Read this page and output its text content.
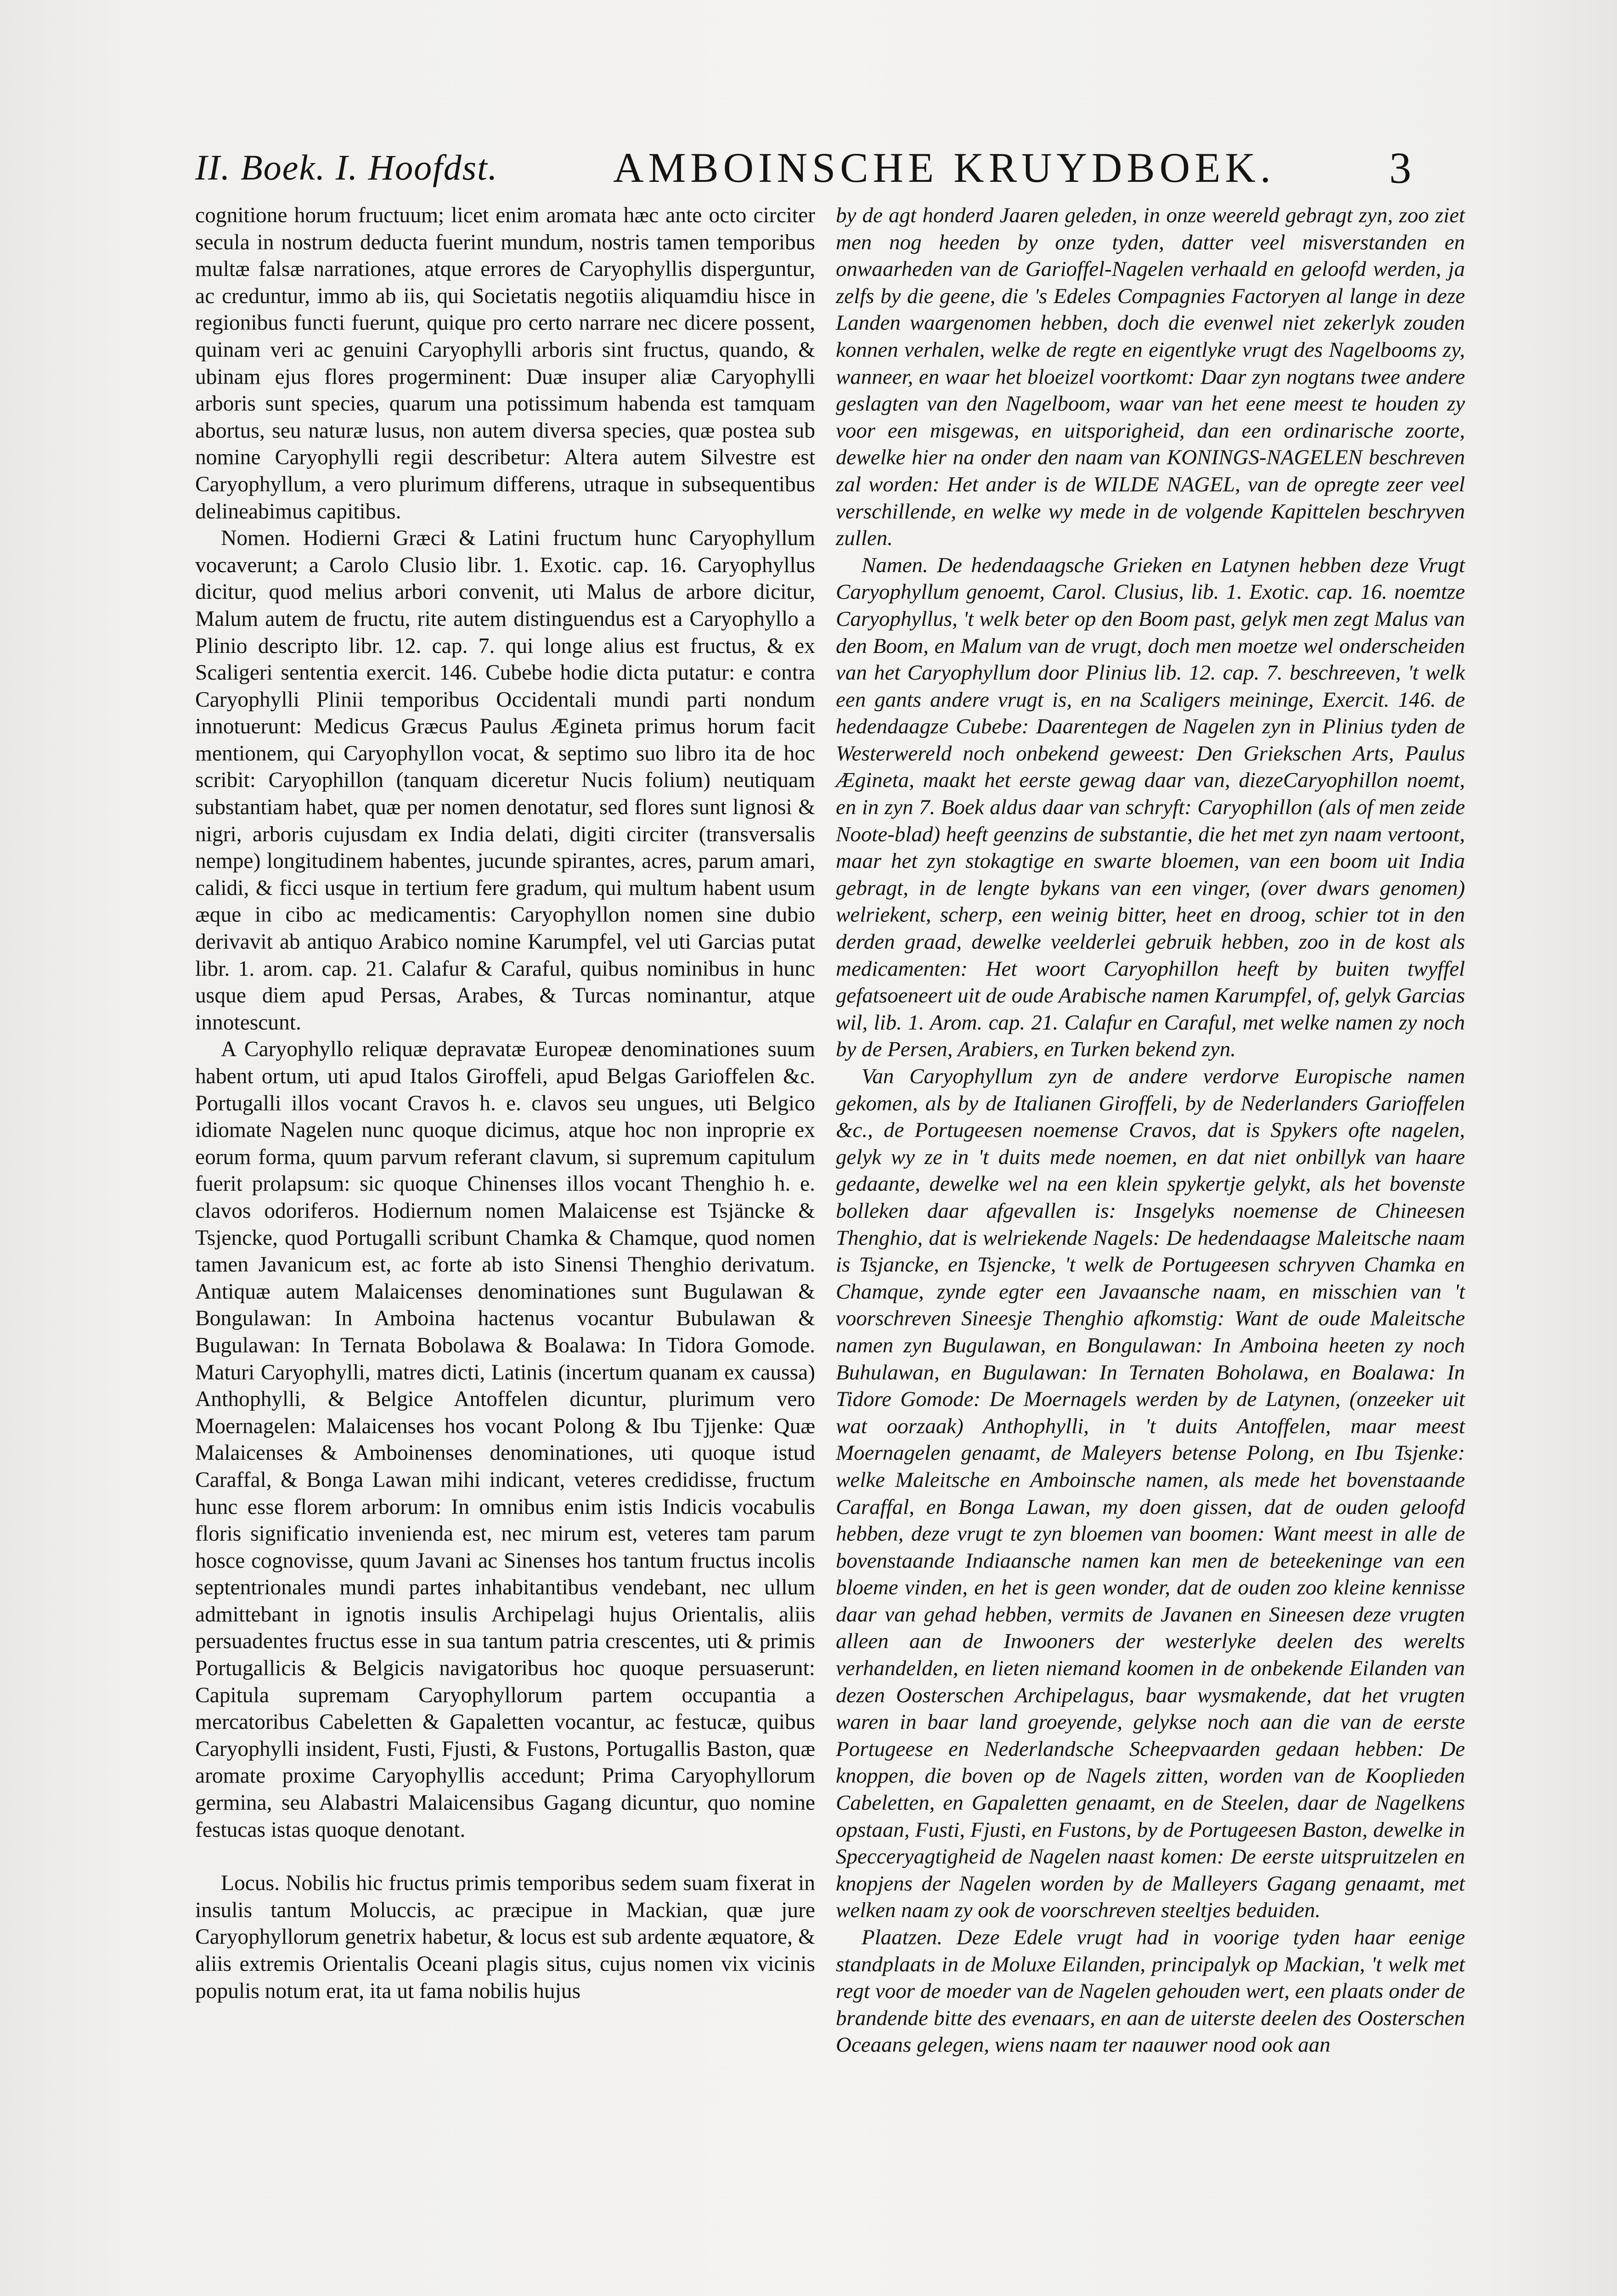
II. Boek. I. Hoofdst.	AMBOINSCHE KRUYDBOEK.	3

cognitione horum fructuum; licet enim aromata hæc ante octo circiter secula in nostrum deducta fuerint mundum, nostris tamen temporibus multæ falsæ narrationes, atque errores de Caryophyllis disperguntur, ac creduntur, immo ab iis, qui Societatis negotiis aliquamdiu hisce in regionibus functi fuerunt, quique pro certo narrare nec dicere possent, quinam veri ac genuini Caryophylli arboris sint fructus, quando, & ubinam ejus flores progerminent: Duæ insuper aliæ Caryophylli arboris sunt species, quarum una potissimum habenda est tamquam abortus, seu naturæ lusus, non autem diversa species, quæ postea sub nomine Caryophylli regii describetur: Altera autem Silvestre est Caryophyllum, a vero plurimum differens, utraque in subsequentibus delineabimus capitibus.

Nomen. Hodierni Græci & Latini fructum hunc Caryophyllum vocaverunt; a Carolo Clusio libr. 1. Exotic. cap. 16. Caryophyllus dicitur, quod melius arbori convenit, uti Malus de arbore dicitur, Malum autem de fructu, rite autem distinguendus est a Caryophyllo a Plinio descripto libr. 12. cap. 7. qui longe alius est fructus, & ex Scaligeri sententia exercit. 146. Cubebe hodie dicta putatur: e contra Caryophylli Plinii temporibus Occidentali mundi parti nondum innotuerunt: Medicus Græcus Paulus Ægineta primus horum facit mentionem, qui Caryophyllon vocat, & septimo suo libro ita de hoc scribit: Caryophillon (tanquam diceretur Nucis folium) neutiquam substantiam habet, quæ per nomen denotatur, sed flores sunt lignosi & nigri, arboris cujusdam ex India delati, digiti circiter (transversalis nempe) longitudinem habentes, jucunde spirantes, acres, parum amari, calidi, & ficci usque in tertium fere gradum, qui multum habent usum æque in cibo ac medicamentis: Caryophyllon nomen sine dubio derivavit ab antiquo Arabico nomine Karumpfel, vel uti Garcias putat libr. 1. arom. cap. 21. Calafur & Caraful, quibus nominibus in hunc usque diem apud Persas, Arabes, & Turcas nominantur, atque innotescunt.

A Caryophyllo reliquæ depravatæ Europeæ denominationes suum habent ortum, uti apud Italos Giroffeli, apud Belgas Garioffelen &c. Portugalli illos vocant Cravos h. e. clavos seu ungues, uti Belgico idiomate Nagelen nunc quoque dicimus, atque hoc non inproprie ex eorum forma, quum parvum referant clavum, si supremum capitulum fuerit prolapsum: sic quoque Chinenses illos vocant Thenghio h. e. clavos odoriferos. Hodiernum nomen Malaicense est Tsjäncke & Tsjencke, quod Portugalli scribunt Chamka & Chamque, quod nomen tamen Javanicum est, ac forte ab isto Sinensi Thenghio derivatum. Antiquæ autem Malaicenses denominationes sunt Bugulawan & Bongulawan: In Amboina hactenus vocantur Bubulawan & Bugulawan: In Ternata Bobolawa & Boalawa: In Tidora Gomode. Maturi Caryophylli, matres dicti, Latinis (incertum quanam ex caussa) Anthophylli, & Belgice Antoffelen dicuntur, plurimum vero Moernagelen: Malaicenses hos vocant Polong & Ibu Tjjenke: Quæ Malaicenses & Amboinenses denominationes, uti quoque istud Caraffal, & Bonga Lawan mihi indicant, veteres credidisse, fructum hunc esse florem arborum: In omnibus enim istis Indicis vocabulis floris significatio invenienda est, nec mirum est, veteres tam parum hosce cognovisse, quum Javani ac Sinenses hos tantum fructus incolis septentrionales mundi partes inhabitantibus vendebant, nec ullum admittebant in ignotis insulis Archipelagi hujus Orientalis, aliis persuadentes fructus esse in sua tantum patria crescentes, uti & primis Portugallicis & Belgicis navigatoribus hoc quoque persuaserunt: Capitula supremam Caryophyllorum partem occupantia a mercatoribus Cabeletten & Gapaletten vocantur, ac festucæ, quibus Caryophylli insident, Fusti, Fjusti, & Fustons, Portugallis Baston, quæ aromate proxime Caryophyllis accedunt; Prima Caryophyllorum germina, seu Alabastri Malaicensibus Gagang dicuntur, quo nomine festucas istas quoque denotant.

Locus. Nobilis hic fructus primis temporibus sedem suam fixerat in insulis tantum Moluccis, ac præcipue in Mackian, quæ jure Caryophyllorum genetrix habetur, & locus est sub ardente æquatore, & aliis extremis Orientalis Oceani plagis situs, cujus nomen vix vicinis populis notum erat, ita ut fama nobilis hujus

by de agt honderd Jaaren geleden, in onze weereld gebragt zyn, zoo ziet men nog heeden by onze tyden, datter veel misverstanden en onwaarheden van de Garioffel-Nagelen verhaald en geloofd werden, ja zelfs by die geene, die 's Edeles Compagnies Factoryen al lange in deze Landen waargenomen hebben, doch die evenwel niet zekerlyk zouden konnen verhalen, welke de regte en eigentlyke vrugt des Nagelbooms zy, wanneer, en waar het bloeizel voortkomt: Daar zyn nogtans twee andere geslagten van den Nagelboom, waar van het eene meest te houden zy voor een misgewas, en uitsporigheid, dan een ordinarische zoorte, dewelke hier na onder den naam van KONINGS-NAGELEN beschreven zal worden: Het ander is de WILDE NAGEL, van de opregte zeer veel verschillende, en welke wy mede in de volgende Kapittelen beschryven zullen.

Namen. De hedendaagsche Grieken en Latynen hebben deze Vrugt Caryophyllum genoemt, Carol. Clusius, lib. 1. Exotic. cap. 16. noemtze Caryophyllus, 't welk beter op den Boom past, gelyk men zegt Malus van den Boom, en Malum van de vrugt, doch men moetze wel onderscheiden van het Caryophyllum door Plinius lib. 12. cap. 7. beschreeven, 't welk een gants andere vrugt is, en na Scaligers meininge, Exercit. 146. de hedendaagze Cubebe: Daarentegen de Nagelen zyn in Plinius tyden de Westerwereld noch onbekend geweest: Den Griekschen Arts, Paulus Ægineta, maakt het eerste gewag daar van, diezeCaryophillon noemt, en in zyn 7. Boek aldus daar van schryft: Caryophillon (als of men zeide Noote-blad) heeft geenzins de substantie, die het met zyn naam vertoont, maar het zyn stokagtige en swarte bloemen, van een boom uit India gebragt, in de lengte bykans van een vinger, (over dwars genomen) welriekent, scherp, een weinig bitter, heet en droog, schier tot in den derden graad, dewelke veelderlei gebruik hebben, zoo in de kost als medicamenten: Het woort Caryophillon heeft by buiten twyffel gefatsoeneert uit de oude Arabische namen Karumpfel, of, gelyk Garcias wil, lib. 1. Arom. cap. 21. Calafur en Caraful, met welke namen zy noch by de Persen, Arabiers, en Turken bekend zyn.

Van Caryophyllum zyn de andere verdorve Europische namen gekomen, als by de Italianen Giroffeli, by de Nederlanders Garioffelen &c., de Portugeesen noemense Cravos, dat is Spykers ofte nagelen, gelyk wy ze in 't duits mede noemen, en dat niet onbillyk van haare gedaante, dewelke wel na een klein spykertje gelykt, als het bovenste bolleken daar afgevallen is: Insgelyks noemense de Chineesen Thenghio, dat is welriekende Nagels: De hedendaagse Maleitsche naam is Tsjancke, en Tsjencke, 't welk de Portugeesen schryven Chamka en Chamque, zynde egter een Javaansche naam, en misschien van 't voorschreven Sineesje Thenghio afkomstig: Want de oude Maleitsche namen zyn Bugulawan, en Bongulawan: In Amboina heeten zy noch Buhulawan, en Bugulawan: In Ternaten Boholawa, en Boalawa: In Tidore Gomode: De Moernagels werden by de Latynen, (onzeeker uit wat oorzaak) Anthophylli, in 't duits Antoffelen, maar meest Moernagelen genaamt, de Maleyers betense Polong, en Ibu Tsjenke: welke Maleitsche en Amboinsche namen, als mede het bovenstaande Caraffal, en Bonga Lawan, my doen gissen, dat de ouden geloofd hebben, deze vrugt te zyn bloemen van boomen: Want meest in alle de bovenstaande Indiaansche namen kan men de beteekeninge van een bloeme vinden, en het is geen wonder, dat de ouden zoo kleine kennisse daar van gehad hebben, vermits de Javanen en Sineesen deze vrugten alleen aan de Inwooners der westerlyke deelen des werelts verhandelden, en lieten niemand koomen in de onbekende Eilanden van dezen Oosterschen Archipelagus, baar wysmakende, dat het vrugten waren in baar land groeyende, gelykse noch aan die van de eerste Portugeese en Nederlandsche Scheepvaarden gedaan hebben: De knoppen, die boven op de Nagels zitten, worden van de Kooplieden Cabeletten, en Gapaletten genaamt, en de Steelen, daar de Nagelkens opstaan, Fusti, Fjusti, en Fustons, by de Portugeesen Baston, dewelke in Specceryagtigheid de Nagelen naast komen: De eerste uitspruitzelen en knopjens der Nagelen worden by de Malleyers Gagang genaamt, met welken naam zy ook de voorschreven steeltjes beduiden.

Plaatzen. Deze Edele vrugt had in voorige tyden haar eenige standplaats in de Moluxe Eilanden, principalyk op Mackian, 't welk met regt voor de moeder van de Nagelen gehouden wert, een plaats onder de brandende bitte des evenaars, en aan de uiterste deelen des Oosterschen Oceaans gelegen, wiens naam ter naauwer nood ook aan
